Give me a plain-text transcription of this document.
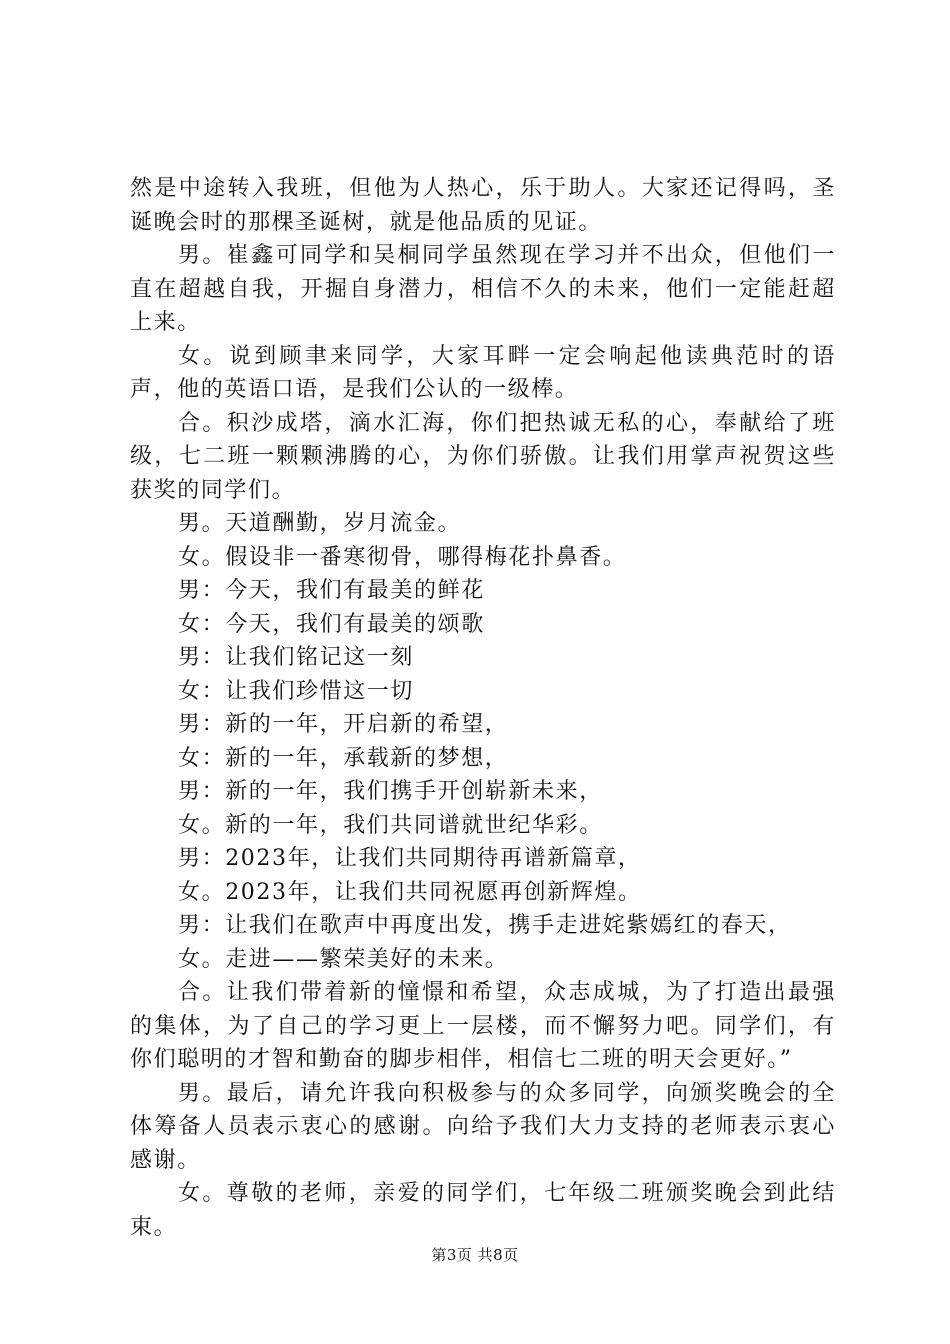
然是中途转入我班，但他为人热心，乐于助人。大家还记得吗，圣诞晚会时的那棵圣诞树，就是他品质的见证。

男。崔鑫可同学和吴桐同学虽然现在学习并不出众，但他们一直在超越自我，开掘自身潜力，相信不久的未来，他们一定能赶超上来。

女。说到顾聿来同学，大家耳畔一定会响起他读典范时的语声，他的英语口语，是我们公认的一级棒。

合。积沙成塔，滴水汇海，你们把热诚无私的心，奉献给了班级，七二班一颗颗沸腾的心，为你们骄傲。让我们用掌声祝贺这些获奖的同学们。

男。天道酬勤，岁月流金。

女。假设非一番寒彻骨，哪得梅花扑鼻香。

男：今天，我们有最美的鲜花

女：今天，我们有最美的颂歌

男：让我们铭记这一刻

女：让我们珍惜这一切

男：新的一年，开启新的希望，

女：新的一年，承载新的梦想，

男：新的一年，我们携手开创崭新未来，

女。新的一年，我们共同谱就世纪华彩。

男：2023年，让我们共同期待再谱新篇章，

女。2023年，让我们共同祝愿再创新辉煌。

男：让我们在歌声中再度出发，携手走进姹紫嫣红的春天，

女。走进——繁荣美好的未来。

合。让我们带着新的憧憬和希望，众志成城，为了打造出最强的集体，为了自己的学习更上一层楼，而不懈努力吧。同学们，有你们聪明的才智和勤奋的脚步相伴，相信七二班的明天会更好。”

男。最后，请允许我向积极参与的众多同学，向颁奖晚会的全体筹备人员表示衷心的感谢。向给予我们大力支持的老师表示衷心感谢。

女。尊敬的老师，亲爱的同学们，七年级二班颁奖晚会到此结束。

第3页 共8页
